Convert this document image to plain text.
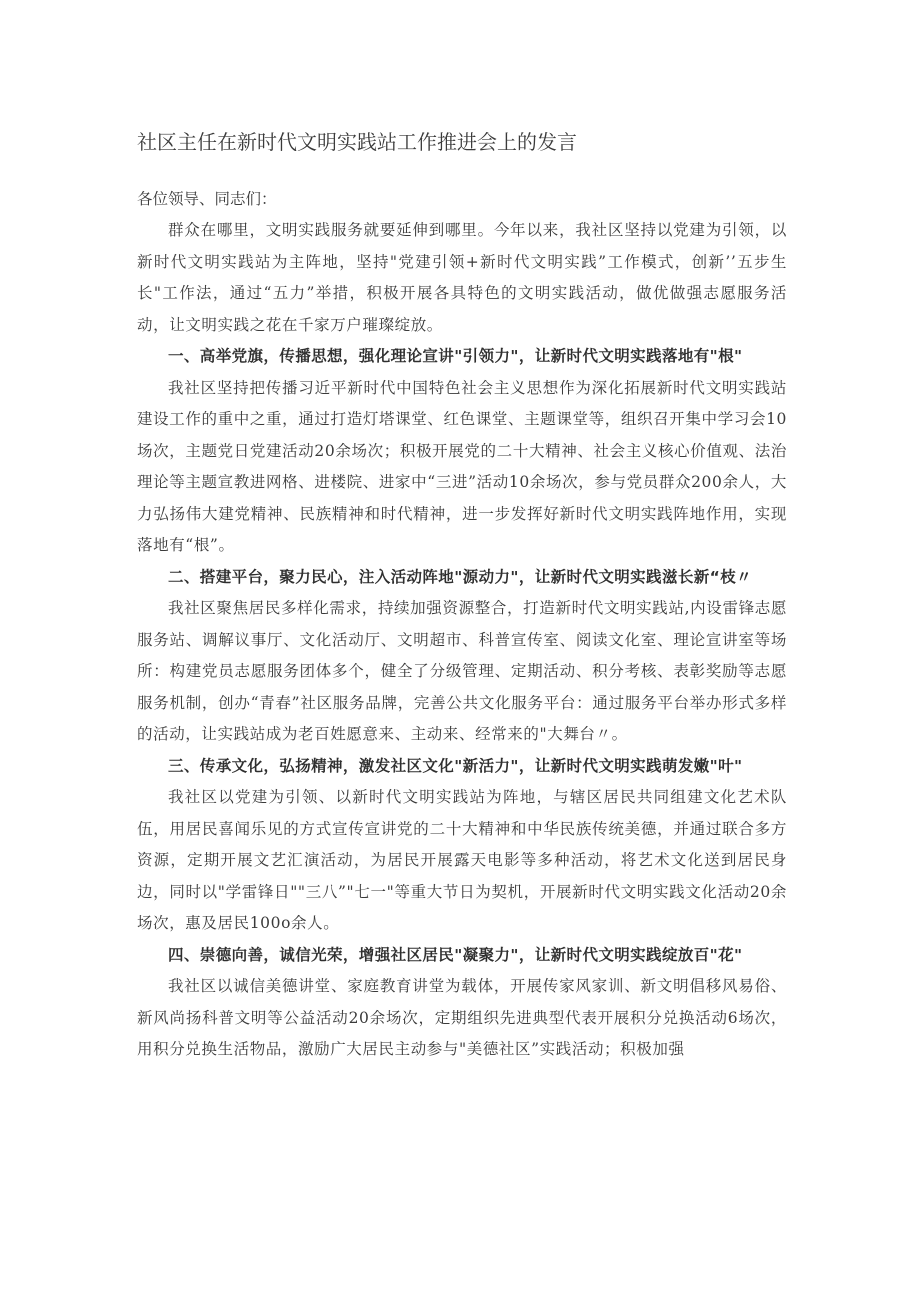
社区主任在新时代文明实践站工作推进会上的发言
各位领导、同志们：

群众在哪里，文明实践服务就要延伸到哪里。今年以来，我社区坚持以党建为引领，以新时代文明实践站为主阵地，坚持"党建引领+新时代文明实践”工作模式，创新’’五步生长"工作法，通过“五力”举措，积极开展各具特色的文明实践活动，做优做强志愿服务活动，让文明实践之花在千家万户璀璨绽放。

一、高举党旗，传播思想，强化理论宣讲"引领力"，让新时代文明实践落地有"根"

我社区坚持把传播习近平新时代中国特色社会主义思想作为深化拓展新时代文明实践站建设工作的重中之重，通过打造灯塔课堂、红色课堂、主题课堂等，组织召开集中学习会10场次，主题党日党建活动20余场次；积极开展党的二十大精神、社会主义核心价值观、法治理论等主题宣教进网格、进楼院、进家中“三进”活动10余场次，参与党员群众200余人，大力弘扬伟大建党精神、民族精神和时代精神，进一步发挥好新时代文明实践阵地作用，实现落地有“根”。

二、搭建平台，聚力民心，注入活动阵地"源动力"，让新时代文明实践滋长新“枝〃

我社区聚焦居民多样化需求，持续加强资源整合，打造新时代文明实践站,内设雷锋志愿服务站、调解议事厅、文化活动厅、文明超市、科普宣传室、阅读文化室、理论宣讲室等场所：构建党员志愿服务团体多个，健全了分级管理、定期活动、积分考核、表彰奖励等志愿服务机制，创办“青春”社区服务品牌，完善公共文化服务平台：通过服务平台举办形式多样的活动，让实践站成为老百姓愿意来、主动来、经常来的"大舞台〃。

三、传承文化，弘扬精神，激发社区文化"新活力"，让新时代文明实践萌发嫩"叶"

我社区以党建为引领、以新时代文明实践站为阵地，与辖区居民共同组建文化艺术队伍，用居民喜闻乐见的方式宣传宣讲党的二十大精神和中华民族传统美德，并通过联合多方资源，定期开展文艺汇演活动，为居民开展露天电影等多种活动，将艺术文化送到居民身边，同时以"学雷锋日""三八”"七一"等重大节日为契机，开展新时代文明实践文化活动20余场次，惠及居民100o余人。

四、崇德向善，诚信光荣，增强社区居民"凝聚力"，让新时代文明实践绽放百"花"

我社区以诚信美德讲堂、家庭教育讲堂为载体，开展传家风家训、新文明倡移风易俗、新风尚扬科普文明等公益活动20余场次，定期组织先进典型代表开展积分兑换活动6场次，用积分兑换生活物品，激励广大居民主动参与"美德社区”实践活动；积极加强
